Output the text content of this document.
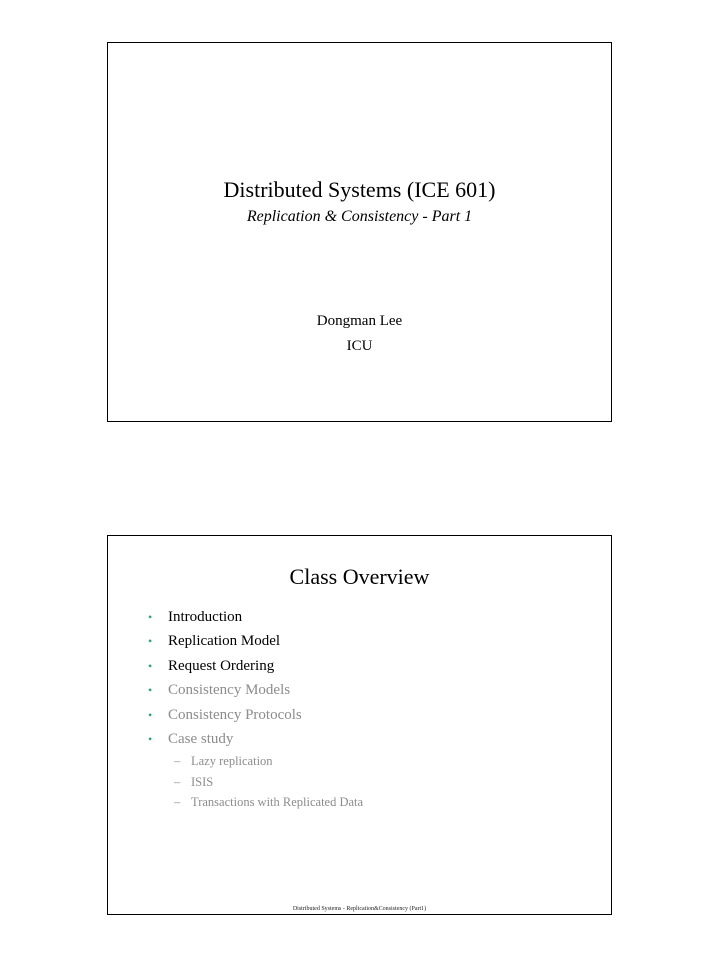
Distributed Systems (ICE 601)
Replication & Consistency - Part 1
Dongman Lee
ICU
Class Overview
• Introduction
• Replication Model
• Request Ordering
• Consistency Models
• Consistency Protocols
• Case study
– Lazy replication
– ISIS
– Transactions with Replicated Data
Distributed Systems - Replication&Consistency (Part1)
